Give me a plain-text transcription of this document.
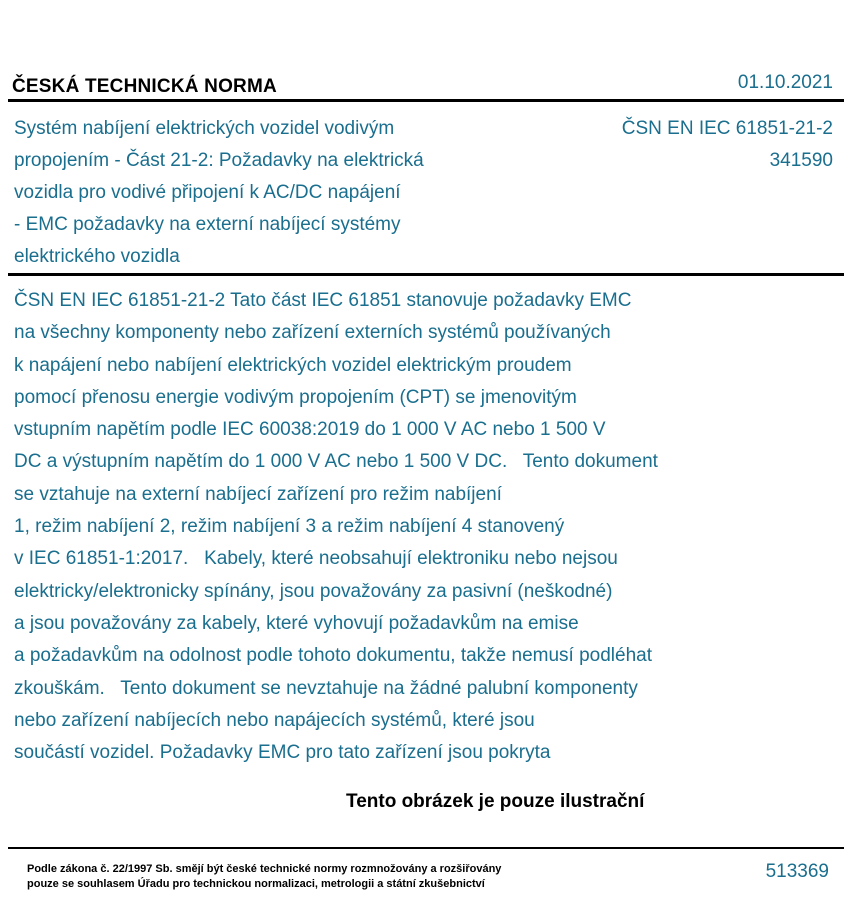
ČESKÁ TECHNICKÁ NORMA	01.10.2021
Systém nabíjení elektrických vozidel vodivým
propojením - Část 21-2: Požadavky na elektrická
vozidla pro vodivé připojení k AC/DC napájení
- EMC požadavky na externí nabíjecí systémy
elektrického vozidla
ČSN EN IEC 61851-21-2
341590
ČSN EN IEC 61851-21-2 Tato část IEC 61851 stanovuje požadavky EMC
na všechny komponenty nebo zařízení externích systémů používaných
k napájení nebo nabíjení elektrických vozidel elektrickým proudem
pomocí přenosu energie vodivým propojením (CPT) se jmenovitým
vstupním napětím podle IEC 60038:2019 do 1 000 V AC nebo 1 500 V
DC a výstupním napětím do 1 000 V AC nebo 1 500 V DC.   Tento dokument
se vztahuje na externí nabíjecí zařízení pro režim nabíjení
1, režim nabíjení 2, režim nabíjení 3 a režim nabíjení 4 stanovený
v IEC 61851-1:2017.   Kabely, které neobsahují elektroniku nebo nejsou
elektricky/elektronicky spínány, jsou považovány za pasivní (neškodné)
a jsou považovány za kabely, které vyhovují požadavkům na emise
a požadavkům na odolnost podle tohoto dokumentu, takže nemusí podléhat
zkouškám.   Tento dokument se nevztahuje na žádné palubní komponenty
nebo zařízení nabíjecích nebo napájecích systémů, které jsou
součástí vozidel. Požadavky EMC pro tato zařízení jsou pokryta
Tento obrázek je pouze ilustrační
Podle zákona č. 22/1997 Sb. smějí být české technické normy rozmnožovány a rozšiřovány
pouze se souhlasem Úřadu pro technickou normalizaci, metrologii a státní zkušebnictví
513369
